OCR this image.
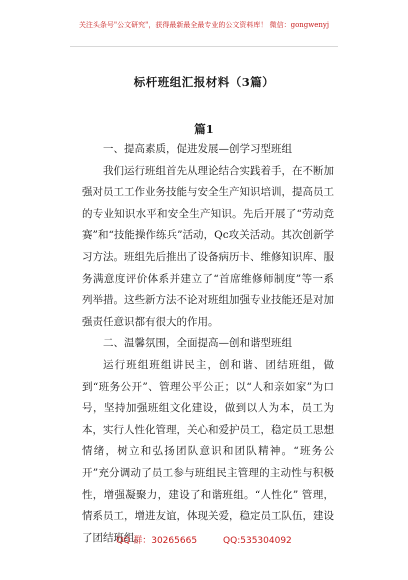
关注头条号"公文研究"，获得最新最全最专业的公文资料库！ 微信：gongwenyj
标杆班组汇报材料（3篇）
篇1

一、提高素质，促进发展—创学习型班组

我们运行班组首先从理论结合实践着手，在不断加强对员工工作业务技能与安全生产知识培训，提高员工的专业知识水平和安全生产知识。先后开展了“劳动竞赛”和“技能操作练兵”活动，Qc攻关活动。其次创新学习方法。班组先后推出了设备病历卡、维修知识库、服务满意度评价体系并建立了“首席维修师制度”等一系列举措。这些新方法不论对班组加强专业技能还是对加强责任意识都有很大的作用。

二、温馨氛围，全面提高—创和谐型班组

运行班组班组讲民主，创和谐、团结班组，做到“班务公开”、管理公平公正；以“人和亲如家”为口号，坚持加强班组文化建设，做到以人为本，员工为本，实行人性化管理，关心和爱护员工，稳定员工思想情绪，树立和弘扬团队意识和团队精神。“班务公开”充分调动了员工参与班组民主管理的主动性与积极性，增强凝聚力，建设了和谐班组。“人性化” 管理，情系员工，增进友谊，体现关爱，稳定员工队伍，建设了团结班组。

QQ 群：30265665	QQ:535304092
